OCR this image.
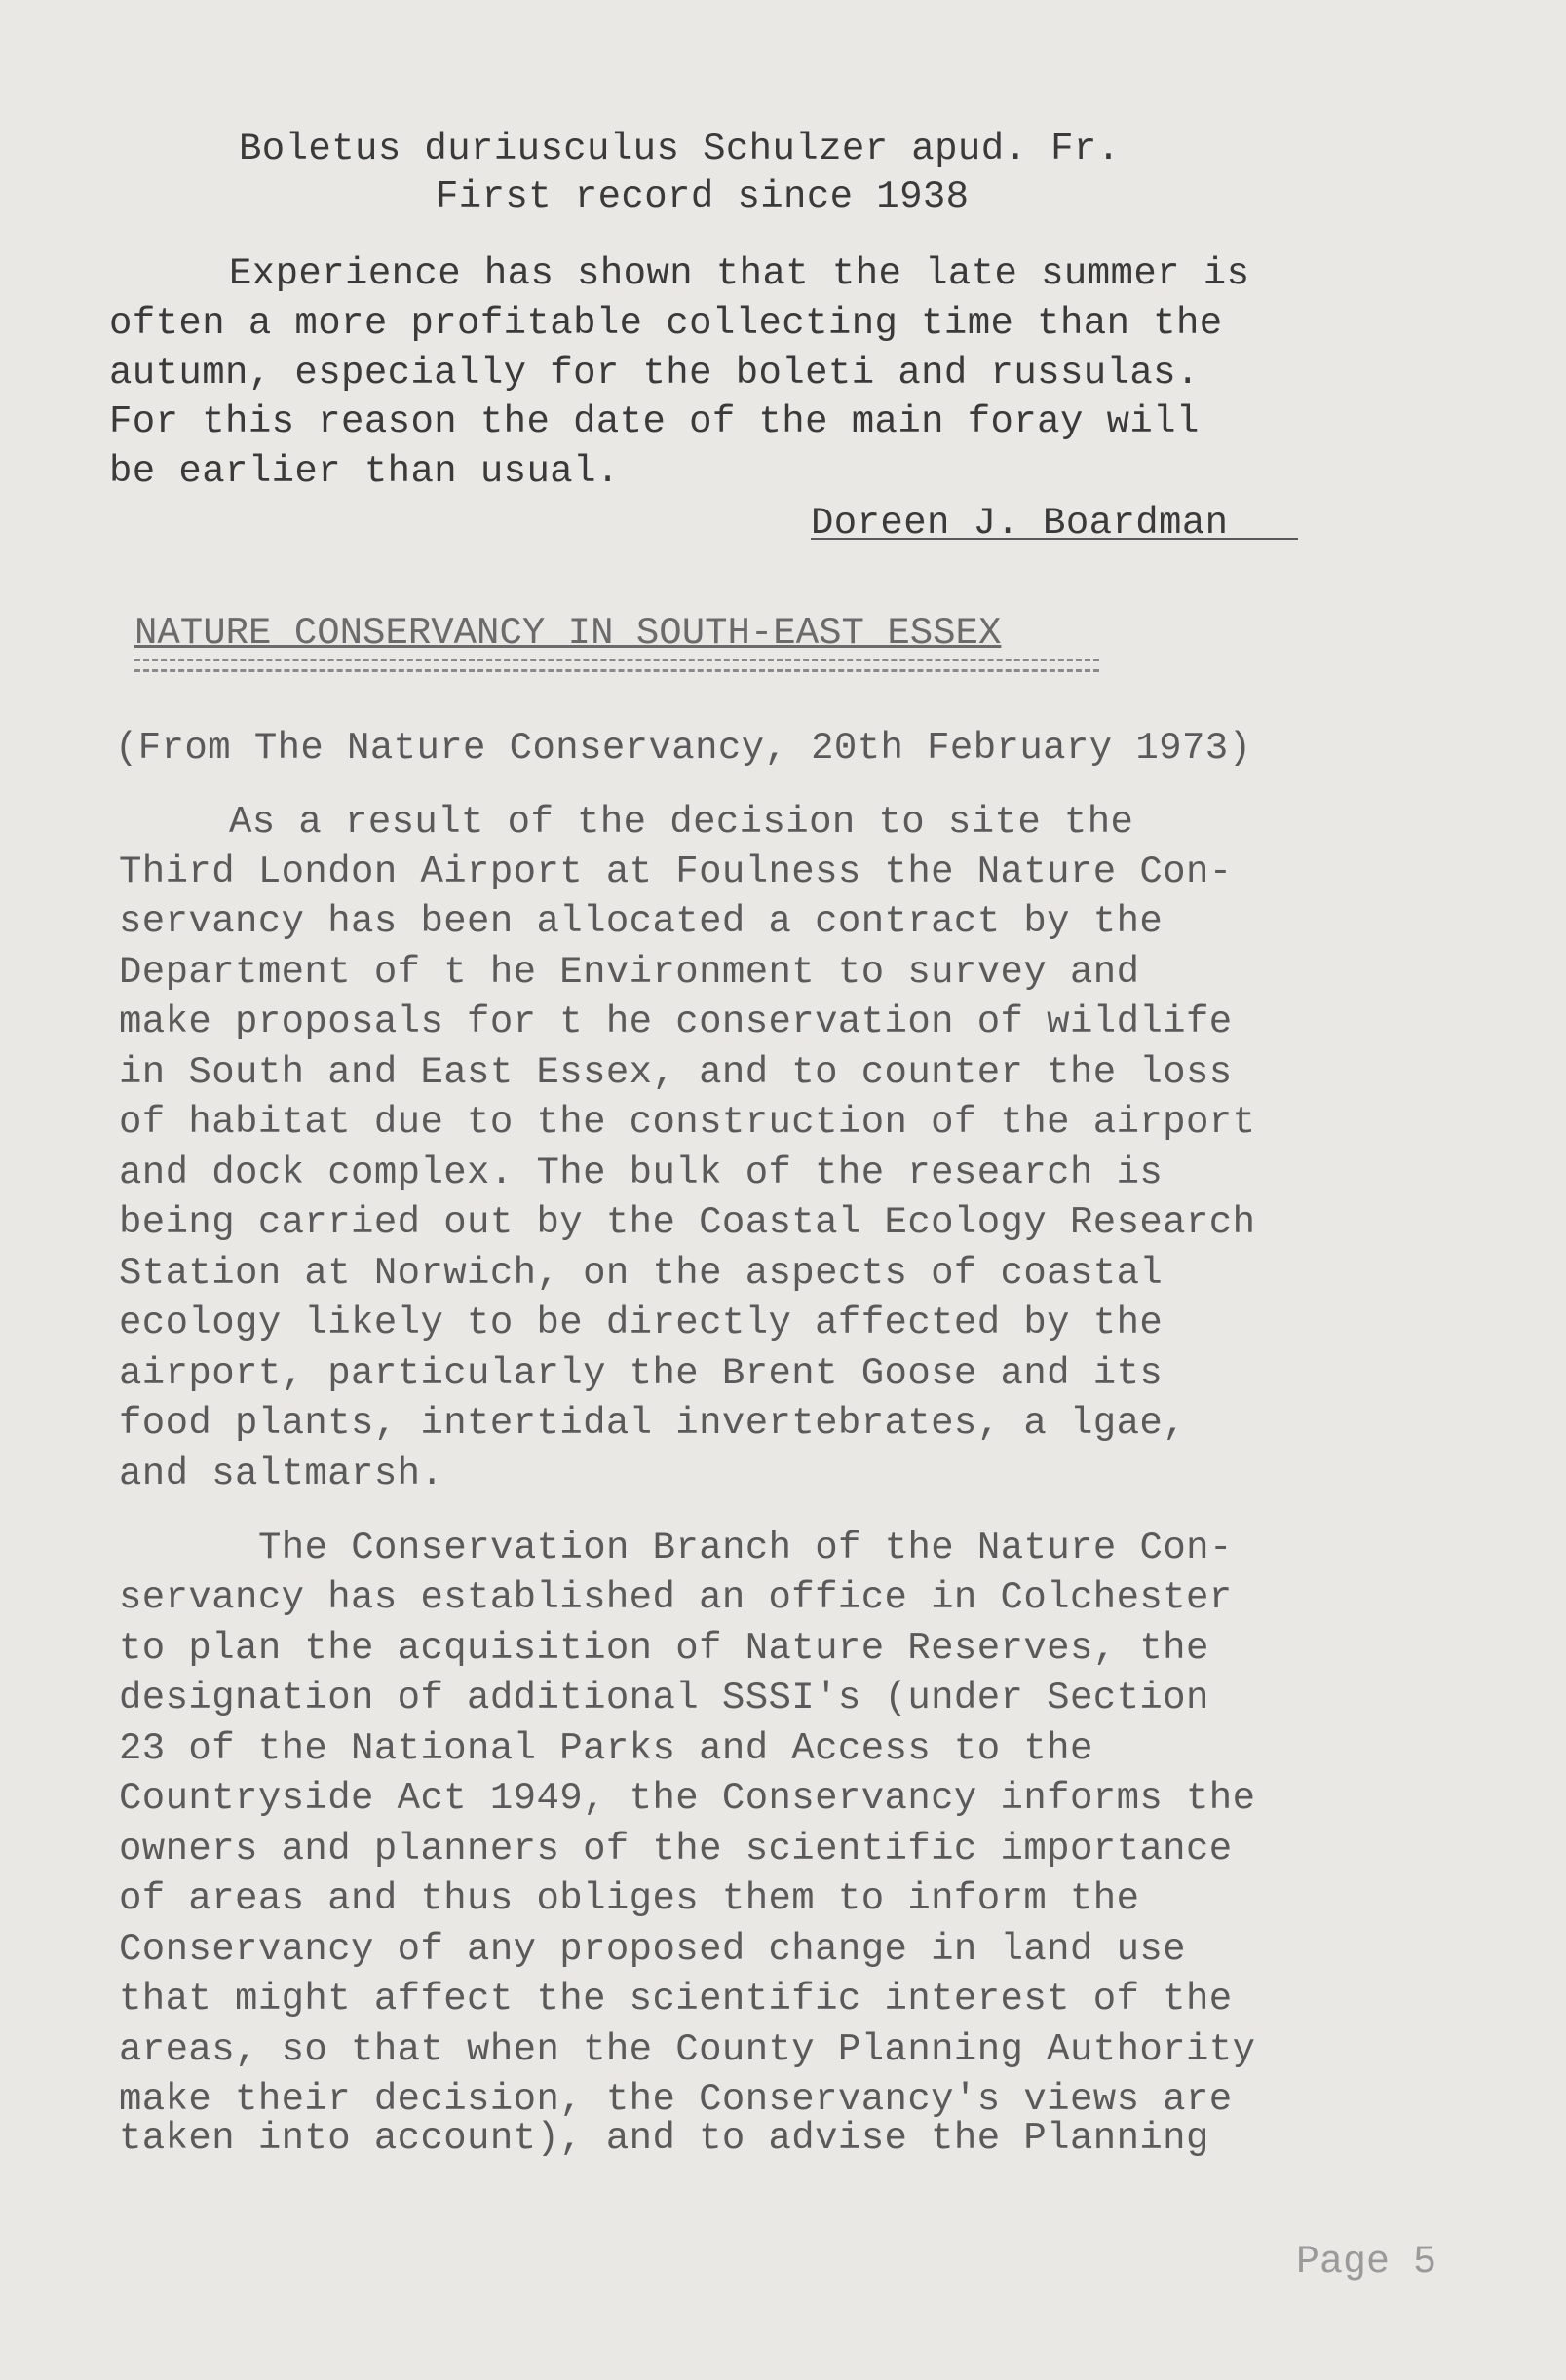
Boletus duriusculus Schulzer apud. Fr.
First record since 1938
Experience has shown that the late summer is
often a more profitable collecting time than the
autumn, especially for the boleti and russulas.
For this reason the date of the main foray will
be earlier than usual.
Doreen J. Boardman
NATURE CONSERVANCY IN SOUTH-EAST ESSEX
(From The Nature Conservancy, 20th February 1973)
As a result of the decision to site the
Third London Airport at Foulness the Nature Con-
servancy has been allocated a contract by the
Department of t he Environment to survey and
make proposals for t he conservation of wildlife
in South and East Essex, and to counter the loss
of habitat due to the construction of the airport
and dock complex. The bulk of the research is
being carried out by the Coastal Ecology Research
Station at Norwich, on the aspects of coastal
ecology likely to be directly affected by the
airport, particularly the Brent Goose and its
food plants, intertidal invertebrates, a lgae,
and saltmarsh.
The Conservation Branch of the Nature Con-
servancy has established an office in Colchester
to plan the acquisition of Nature Reserves, the
designation of additional SSSI's (under Section
23 of the National Parks and Access to the
Countryside Act 1949, the Conservancy informs the
owners and planners of the scientific importance
of areas and thus obliges them to inform the
Conservancy of any proposed change in land use
that might affect the scientific interest of the
areas, so that when the County Planning Authority
make their decision, the Conservancy's views are
taken into account), and to advise the Planning
Page 5
